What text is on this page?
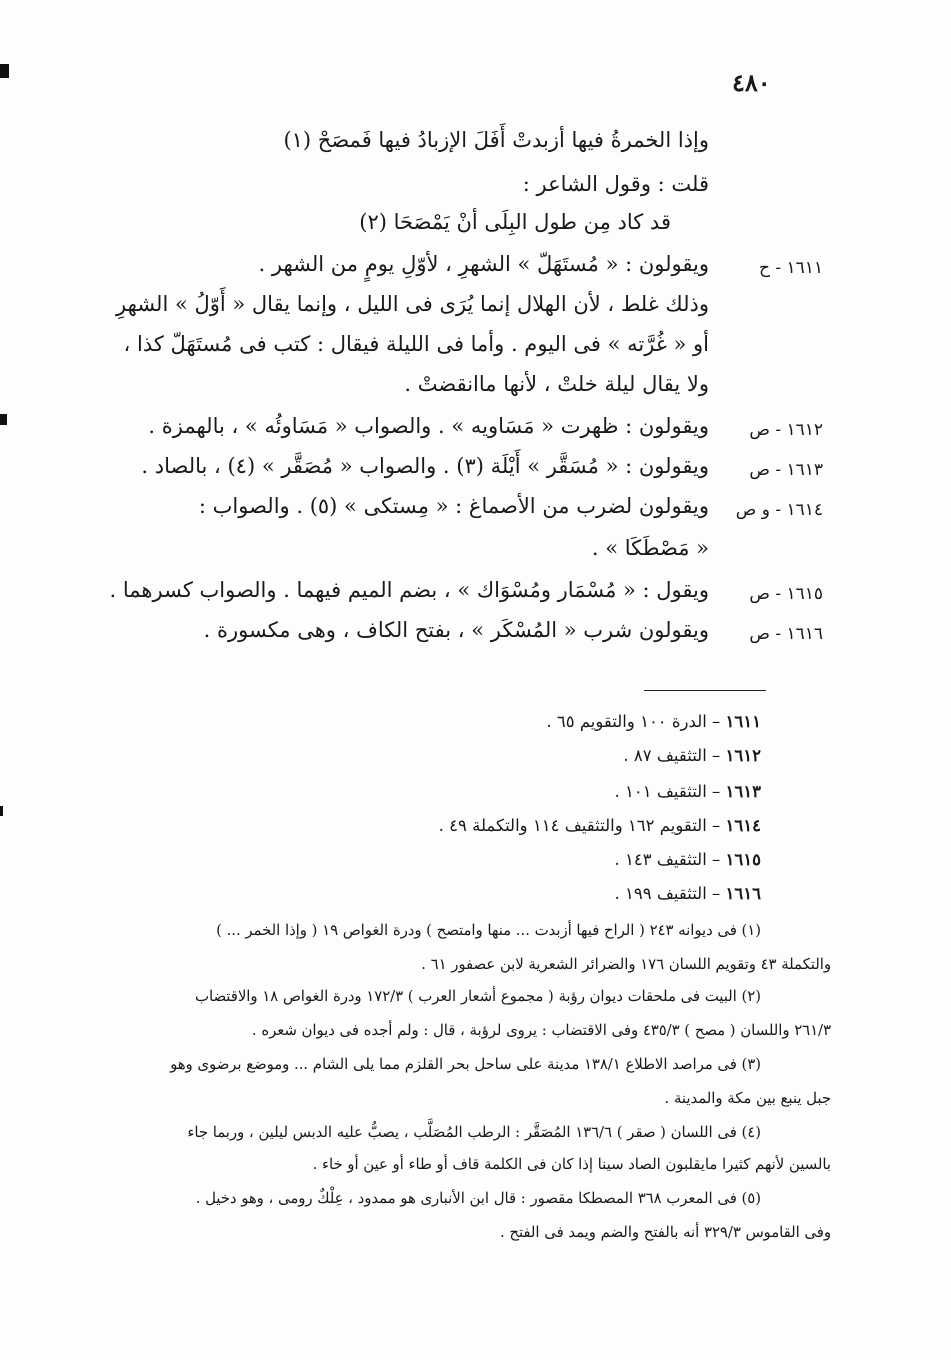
٤٨٠
وإذا الخمرةُ فيها أزبدتْ أَفَلَ الإزبادُ فيها فَمصَحْ (١)
قلت : وقول الشاعر :
قد كاد مِن طول البِلَى أنْ يَمْصَحَا (٢)
ويقولون : « مُستَهَلّ » الشهرِ ، لأوّلِ يومٍ من الشهر .
وذلك غلط ، لأن الهلال إنما يُرَى فى الليل ، وإنما يقال « أَوّلُ » الشهرِ
أو « غُرَّته » فى اليوم . وأما فى الليلة فيقال : كتب فى مُستَهَلّ كذا ،
ولا يقال ليلة خلتْ ، لأنها ماانقضتْ .
ويقولون : ظهرت « مَسَاويه » . والصواب « مَسَاوئُه » ، بالهمزة .
ويقولون : « مُسَقَّر » أَيْلَة (٣) . والصواب « مُصَقَّر » (٤) ، بالصاد .
ويقولون لضرب من الأصماغ : « مِستكى » (٥) . والصواب :
« مَصْطَكَا » .
ويقول : « مُسْمَار ومُسْوَاك » ، بضم الميم فيهما . والصواب كسرهما .
ويقولون شرب « المُسْكَر » ، بفتح الكاف ، وهى مكسورة .
١٦١١ - ح
١٦١٢ - ص
١٦١٣ - ص
١٦١٤ - و ص
١٦١٥ - ص
١٦١٦ - ص
١٦١١ – الدرة ١٠٠ والتقويم ٦٥ .
١٦١٢ – التثقيف ٨٧ .
١٦١٣ – التثقيف ١٠١ .
١٦١٤ – التقويم ١٦٢ والتثقيف ١١٤ والتكملة ٤٩ .
١٦١٥ – التثقيف ١٤٣ .
١٦١٦ – التثقيف ١٩٩ .
(١) فى ديوانه ٢٤٣ ( الراح فيها أزبدت ... منها وامتصح ) ودرة الغواص ١٩ ( وإذا الخمر ... )
والتكملة ٤٣ وتقويم اللسان ١٧٦ والضرائر الشعرية لابن عصفور ٦١ .
(٢) البيت فى ملحقات ديوان رؤبة ( مجموع أشعار العرب ) ١٧٢/٣ ودرة الغواص ١٨ والاقتضاب
٢٦١/٣ واللسان ( مصح ) ٤٣٥/٣ وفى الاقتضاب : يروى لرؤبة ، قال : ولم أجده فى ديوان شعره .
(٣) فى مراصد الاطلاع ١٣٨/١ مدينة على ساحل بحر القلزم مما يلى الشام ... وموضع برضوى وهو
جبل ينبع بين مكة والمدينة .
(٤) فى اللسان ( صقر ) ١٣٦/٦ المُصَقَّر : الرطب المُصَلَّب ، يصبُّ عليه الدبس ليلين ، وربما جاء
بالسين لأنهم كثيرا مايقلبون الصاد سينا إذا كان فى الكلمة قاف أو طاء أو عين أو خاء .
(٥) فى المعرب ٣٦٨ المصطكا مقصور : قال ابن الأنبارى هو ممدود ، عِلْكٌ رومى ، وهو دخيل .
وفى القاموس ٣٢٩/٣ أنه بالفتح والضم ويمد فى الفتح .
